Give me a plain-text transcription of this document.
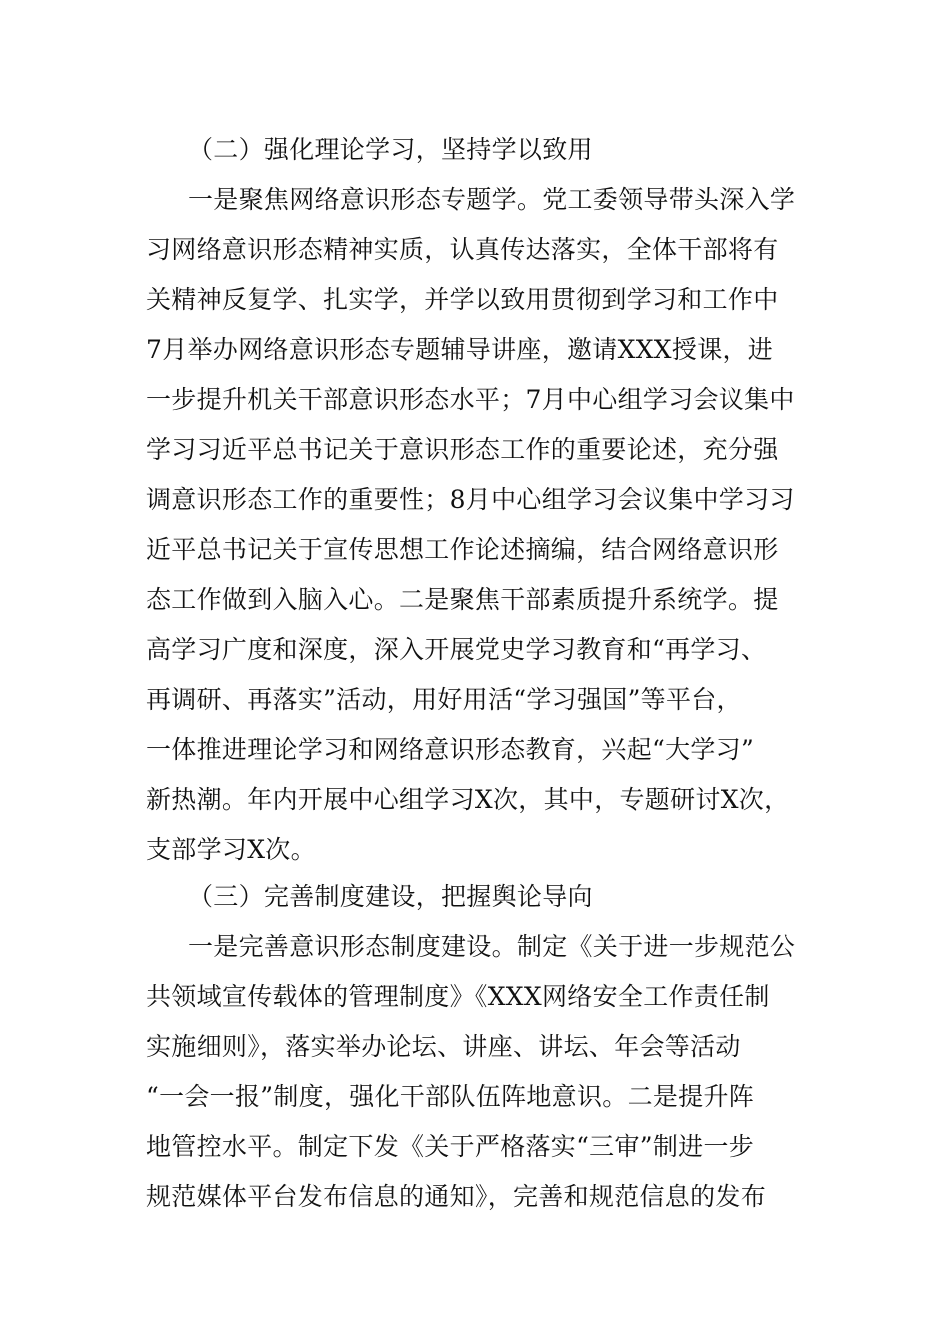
（二）强化理论学习，坚持学以致用
一是聚焦网络意识形态专题学。党工委领导带头深入学
习网络意识形态精神实质，认真传达落实，全体干部将有
关精神反复学、扎实学，并学以致用贯彻到学习和工作中
7月举办网络意识形态专题辅导讲座，邀请XXX授课，进
一步提升机关干部意识形态水平；7月中心组学习会议集中
学习习近平总书记关于意识形态工作的重要论述，充分强
调意识形态工作的重要性；8月中心组学习会议集中学习习
近平总书记关于宣传思想工作论述摘编，结合网络意识形
态工作做到入脑入心。二是聚焦干部素质提升系统学。提
高学习广度和深度，深入开展党史学习教育和“再学习、
再调研、再落实”活动，用好用活“学习强国”等平台，
一体推进理论学习和网络意识形态教育，兴起“大学习”
新热潮。年内开展中心组学习X次，其中，专题研讨X次，
支部学习X次。
（三）完善制度建设，把握舆论导向
一是完善意识形态制度建设。制定《关于进一步规范公
共领域宣传载体的管理制度》《XXX网络安全工作责任制
实施细则》，落实举办论坛、讲座、讲坛、年会等活动
“一会一报”制度，强化干部队伍阵地意识。二是提升阵
地管控水平。制定下发《关于严格落实“三审”制进一步
规范媒体平台发布信息的通知》，完善和规范信息的发布
